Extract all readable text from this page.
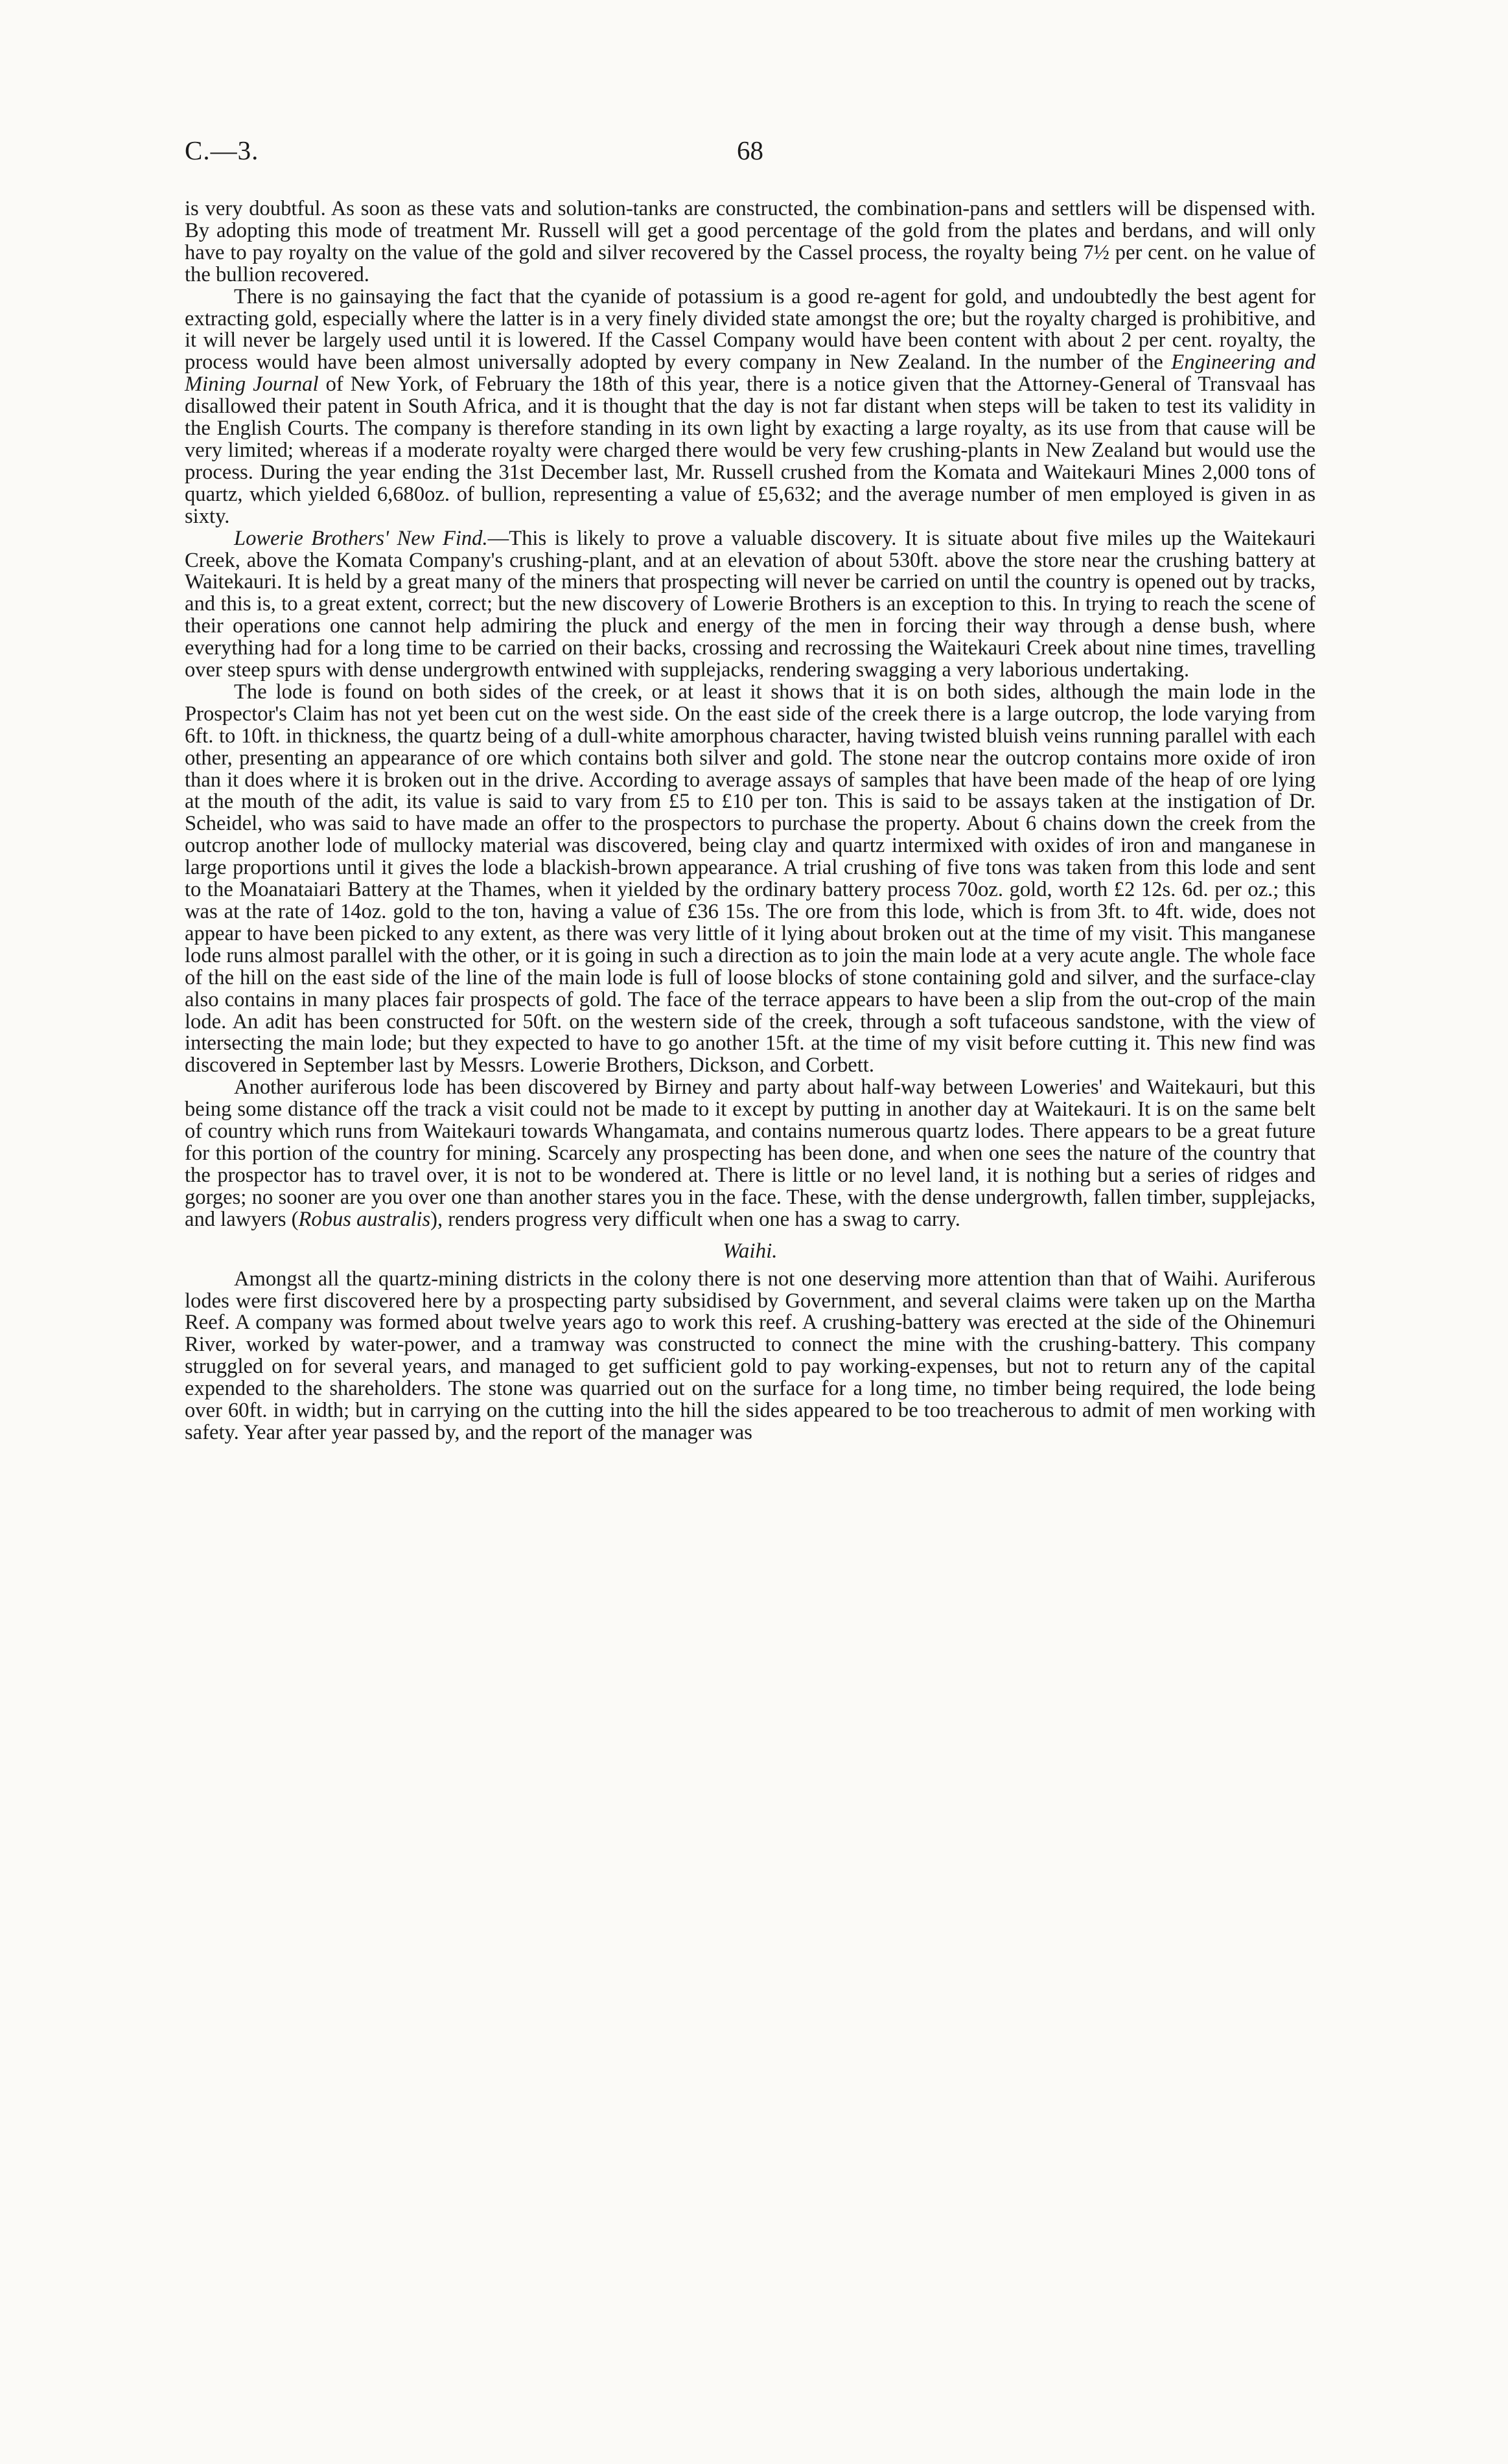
C.—3.	68

is very doubtful. As soon as these vats and solution-tanks are constructed, the combination-pans and settlers will be dispensed with. By adopting this mode of treatment Mr. Russell will get a good percentage of the gold from the plates and berdans, and will only have to pay royalty on the value of the gold and silver recovered by the Cassel process, the royalty being 7½ per cent. on he value of the bullion recovered.

There is no gainsaying the fact that the cyanide of potassium is a good re-agent for gold, and undoubtedly the best agent for extracting gold, especially where the latter is in a very finely divided state amongst the ore; but the royalty charged is prohibitive, and it will never be largely used until it is lowered. If the Cassel Company would have been content with about 2 per cent. royalty, the process would have been almost universally adopted by every company in New Zealand. In the number of the Engineering and Mining Journal of New York, of February the 18th of this year, there is a notice given that the Attorney-General of Transvaal has disallowed their patent in South Africa, and it is thought that the day is not far distant when steps will be taken to test its validity in the English Courts. The company is therefore standing in its own light by exacting a large royalty, as its use from that cause will be very limited; whereas if a moderate royalty were charged there would be very few crushing-plants in New Zealand but would use the process. During the year ending the 31st December last, Mr. Russell crushed from the Komata and Waitekauri Mines 2,000 tons of quartz, which yielded 6,680oz. of bullion, representing a value of £5,632; and the average number of men employed is given in as sixty.

Lowerie Brothers' New Find.—This is likely to prove a valuable discovery. It is situate about five miles up the Waitekauri Creek, above the Komata Company's crushing-plant, and at an elevation of about 530ft. above the store near the crushing battery at Waitekauri. It is held by a great many of the miners that prospecting will never be carried on until the country is opened out by tracks, and this is, to a great extent, correct; but the new discovery of Lowerie Brothers is an exception to this. In trying to reach the scene of their operations one cannot help admiring the pluck and energy of the men in forcing their way through a dense bush, where everything had for a long time to be carried on their backs, crossing and recrossing the Waitekauri Creek about nine times, travelling over steep spurs with dense undergrowth entwined with supplejacks, rendering swagging a very laborious undertaking.

The lode is found on both sides of the creek, or at least it shows that it is on both sides, although the main lode in the Prospector's Claim has not yet been cut on the west side. On the east side of the creek there is a large outcrop, the lode varying from 6ft. to 10ft. in thickness, the quartz being of a dull-white amorphous character, having twisted bluish veins running parallel with each other, presenting an appearance of ore which contains both silver and gold. The stone near the outcrop contains more oxide of iron than it does where it is broken out in the drive. According to average assays of samples that have been made of the heap of ore lying at the mouth of the adit, its value is said to vary from £5 to £10 per ton. This is said to be assays taken at the instigation of Dr. Scheidel, who was said to have made an offer to the prospectors to purchase the property. About 6 chains down the creek from the outcrop another lode of mullocky material was discovered, being clay and quartz intermixed with oxides of iron and manganese in large proportions until it gives the lode a blackish-brown appearance. A trial crushing of five tons was taken from this lode and sent to the Moanataiari Battery at the Thames, when it yielded by the ordinary battery process 70oz. gold, worth £2 12s. 6d. per oz.; this was at the rate of 14oz. gold to the ton, having a value of £36 15s. The ore from this lode, which is from 3ft. to 4ft. wide, does not appear to have been picked to any extent, as there was very little of it lying about broken out at the time of my visit. This manganese lode runs almost parallel with the other, or it is going in such a direction as to join the main lode at a very acute angle. The whole face of the hill on the east side of the line of the main lode is full of loose blocks of stone containing gold and silver, and the surface-clay also contains in many places fair prospects of gold. The face of the terrace appears to have been a slip from the out-crop of the main lode. An adit has been constructed for 50ft. on the western side of the creek, through a soft tufaceous sandstone, with the view of intersecting the main lode; but they expected to have to go another 15ft. at the time of my visit before cutting it. This new find was discovered in September last by Messrs. Lowerie Brothers, Dickson, and Corbett.

Another auriferous lode has been discovered by Birney and party about half-way between Loweries' and Waitekauri, but this being some distance off the track a visit could not be made to it except by putting in another day at Waitekauri. It is on the same belt of country which runs from Waitekauri towards Whangamata, and contains numerous quartz lodes. There appears to be a great future for this portion of the country for mining. Scarcely any prospecting has been done, and when one sees the nature of the country that the prospector has to travel over, it is not to be wondered at. There is little or no level land, it is nothing but a series of ridges and gorges; no sooner are you over one than another stares you in the face. These, with the dense undergrowth, fallen timber, supplejacks, and lawyers (Robus australis), renders progress very difficult when one has a swag to carry.

Waihi.

Amongst all the quartz-mining districts in the colony there is not one deserving more attention than that of Waihi. Auriferous lodes were first discovered here by a prospecting party subsidised by Government, and several claims were taken up on the Martha Reef. A company was formed about twelve years ago to work this reef. A crushing-battery was erected at the side of the Ohinemuri River, worked by water-power, and a tramway was constructed to connect the mine with the crushing-battery. This company struggled on for several years, and managed to get sufficient gold to pay working-expenses, but not to return any of the capital expended to the shareholders. The stone was quarried out on the surface for a long time, no timber being required, the lode being over 60ft. in width; but in carrying on the cutting into the hill the sides appeared to be too treacherous to admit of men working with safety. Year after year passed by, and the report of the manager was
